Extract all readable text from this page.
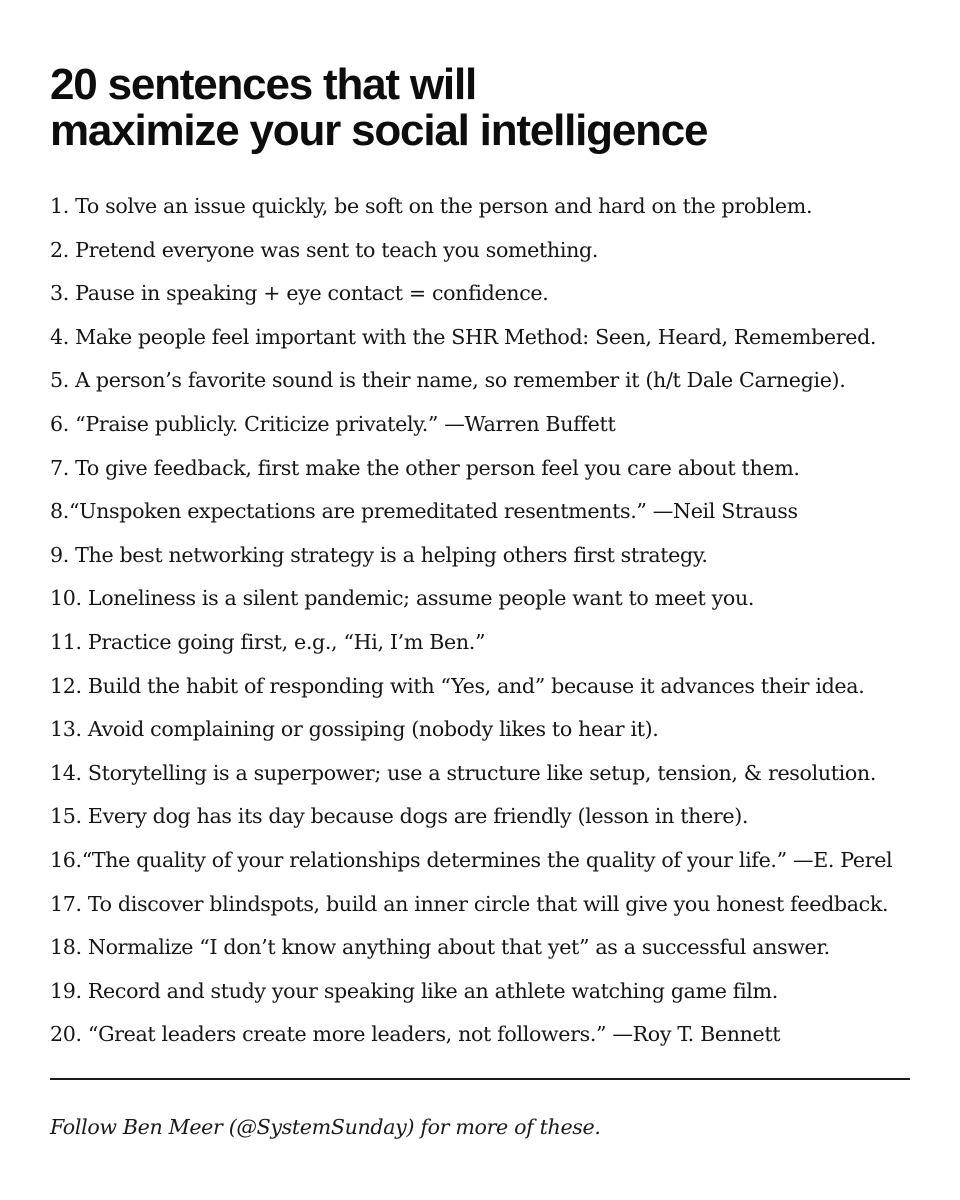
20 sentences that will
maximize your social intelligence
1. To solve an issue quickly, be soft on the person and hard on the problem.
2. Pretend everyone was sent to teach you something.
3. Pause in speaking + eye contact = confidence.
4. Make people feel important with the SHR Method: Seen, Heard, Remembered.
5. A person’s favorite sound is their name, so remember it (h/t Dale Carnegie).
6. “Praise publicly. Criticize privately.” —Warren Buffett
7. To give feedback, first make the other person feel you care about them.
8.“Unspoken expectations are premeditated resentments.” —Neil Strauss
9. The best networking strategy is a helping others first strategy.
10. Loneliness is a silent pandemic; assume people want to meet you.
11. Practice going first, e.g., “Hi, I’m Ben.”
12. Build the habit of responding with “Yes, and” because it advances their idea.
13. Avoid complaining or gossiping (nobody likes to hear it).
14. Storytelling is a superpower; use a structure like setup, tension, & resolution.
15. Every dog has its day because dogs are friendly (lesson in there).
16.“The quality of your relationships determines the quality of your life.” —E. Perel
17. To discover blindspots, build an inner circle that will give you honest feedback.
18. Normalize “I don’t know anything about that yet” as a successful answer.
19. Record and study your speaking like an athlete watching game film.
20. “Great leaders create more leaders, not followers.” —Roy T. Bennett

Follow Ben Meer (@SystemSunday) for more of these.
